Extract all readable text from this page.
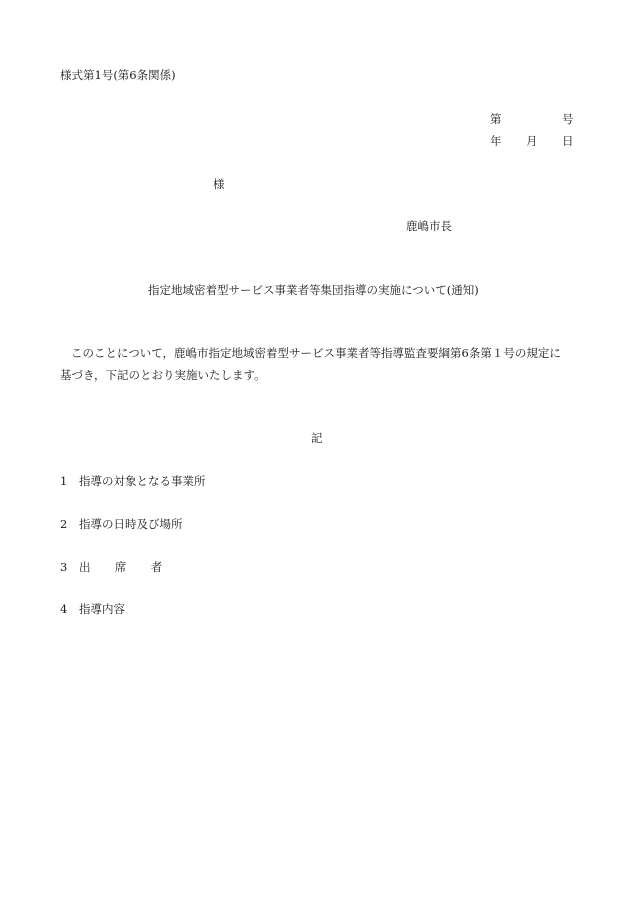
様式第1号(第6条関係)
第	号
年 月 日
様
鹿嶋市長
指定地域密着型サービス事業者等集団指導の実施について(通知)
このことについて，鹿嶋市指定地域密着型サービス事業者等指導監査要綱第6条第１号の規定に
基づき，下記のとおり実施いたします。
記
1 指導の対象となる事業所
2 指導の日時及び場所
3 出 席 者
4 指導内容
